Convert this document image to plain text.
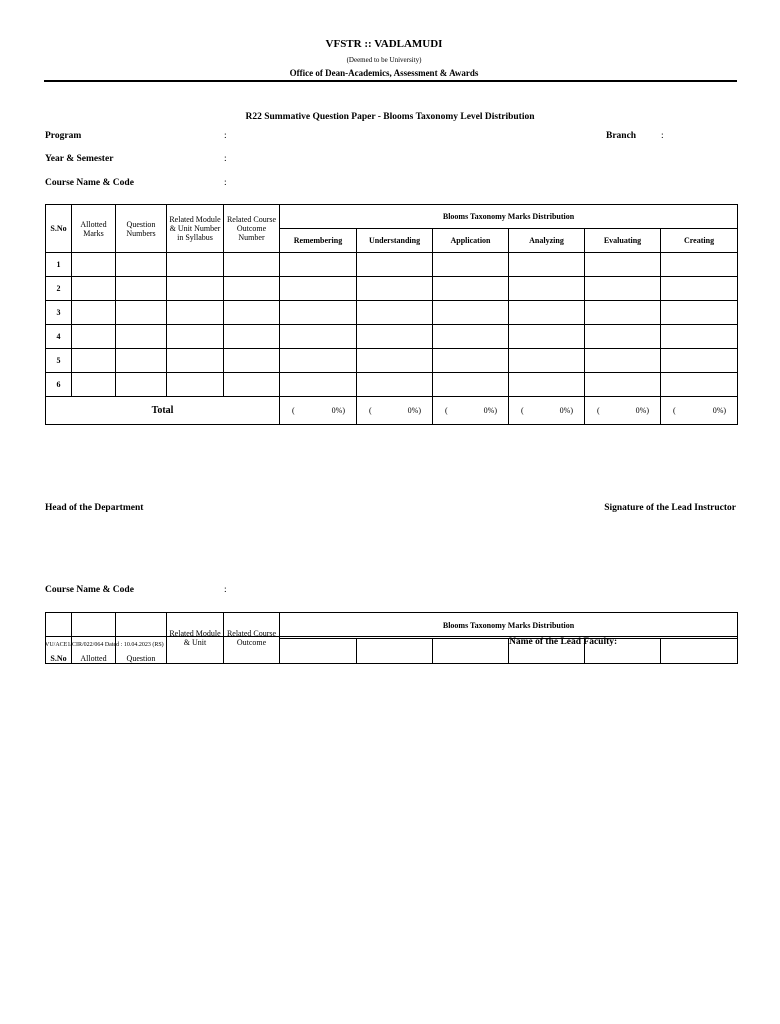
VFSTR :: VADLAMUDI
(Deemed to be University)
Office of Dean-Academics, Assessment & Awards
R22 Summative Question Paper - Blooms Taxonomy Level Distribution
Program	:	Branch	:
Year & Semester	:
Course Name & Code	:
S.No	Allotted Marks	Question Numbers	Related Module & Unit Number in Syllabus	Related Course Outcome Number	Blooms Taxonomy Marks Distribution					
					Remembering	Understanding	Application	Analyzing	Evaluating	Creating
1										
2										
3										
4										
5										
6										
Total					( 0%)	( 0%)	( 0%)	( 0%)	( 0%)	( 0%)
Head of the Department	Signature of the Lead Instructor
Course Name & Code	:
S.No	Allotted	Question	Related Module & Unit	Related Course Outcome	Blooms Taxonomy Marks Distribution					

VU/ACE1/CIR/022/064 Dated : 10.04.2023 (RS)	Name of the Lead Faculty:
